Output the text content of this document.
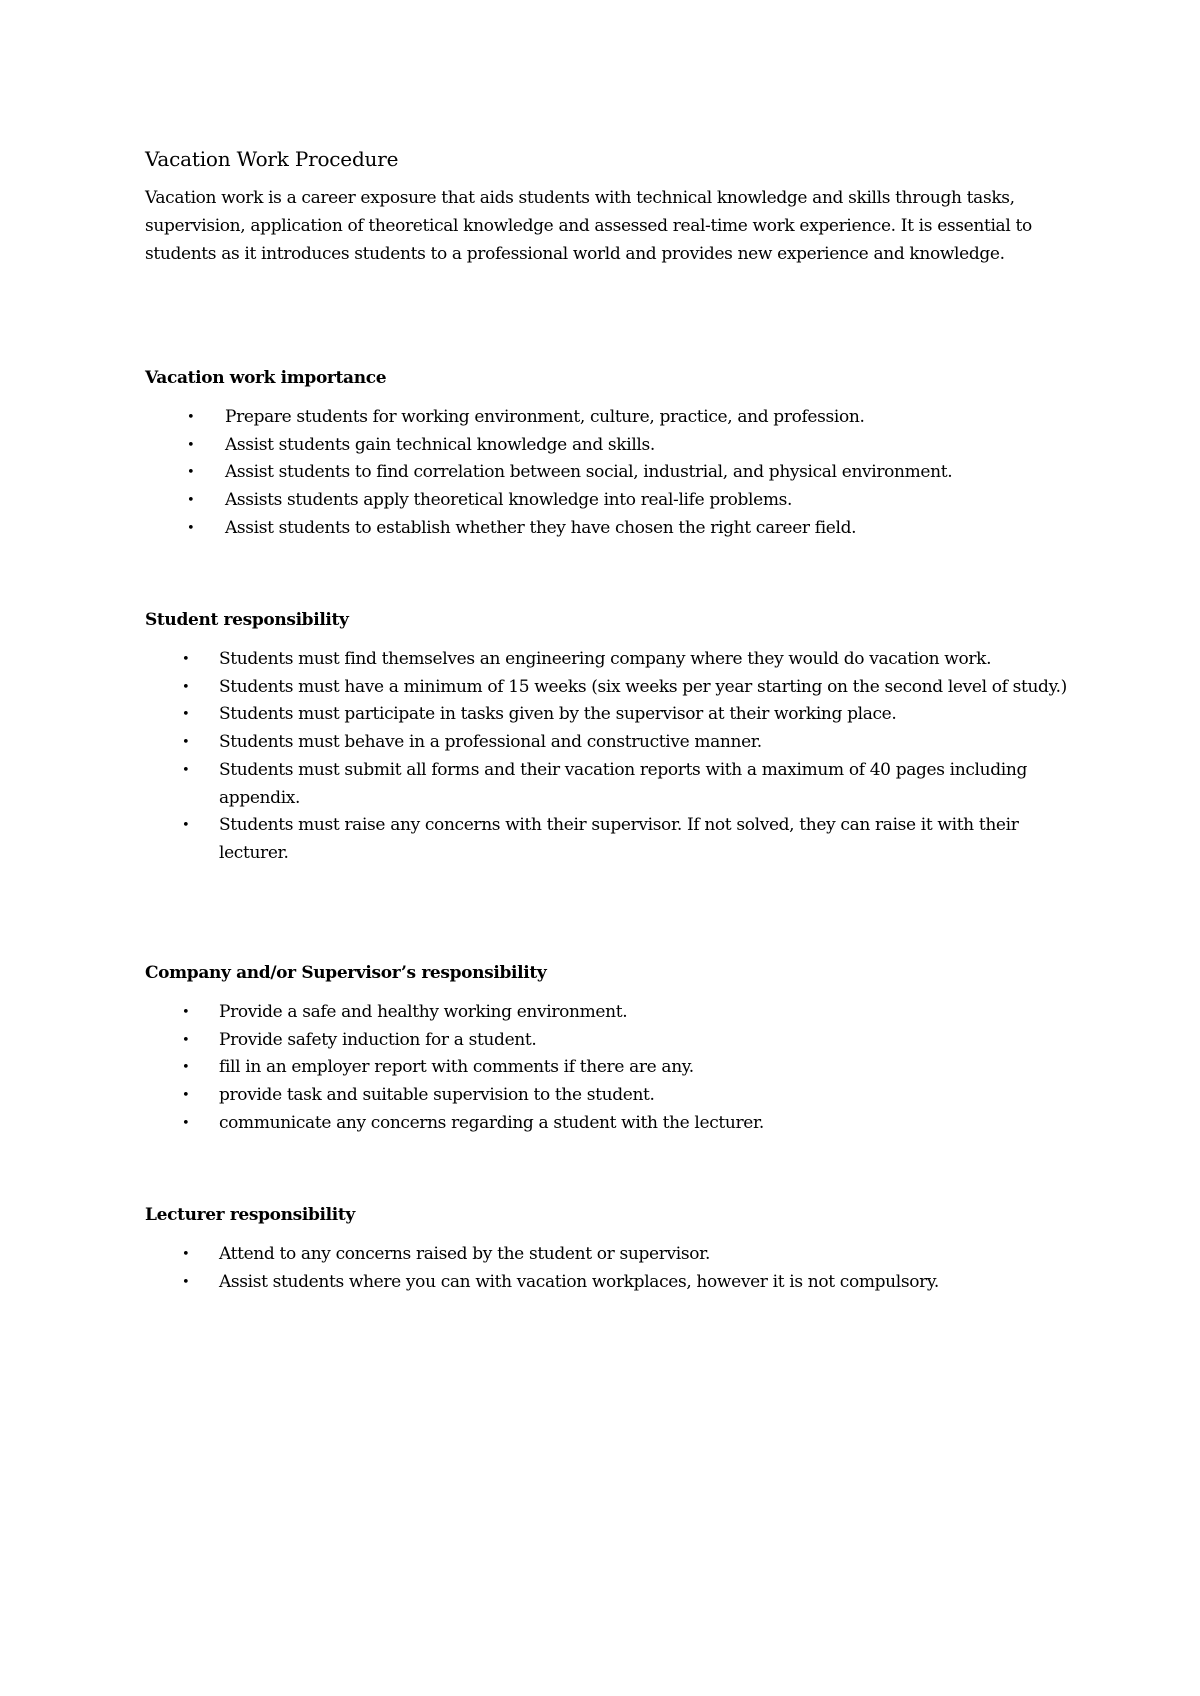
Vacation Work Procedure

Vacation work is a career exposure that aids students with technical knowledge and skills through tasks, supervision, application of theoretical knowledge and assessed real-time work experience. It is essential to students as it introduces students to a professional world and provides new experience and knowledge.

Vacation work importance
• Prepare students for working environment, culture, practice, and profession.
• Assist students gain technical knowledge and skills.
• Assist students to find correlation between social, industrial, and physical environment.
• Assists students apply theoretical knowledge into real-life problems.
• Assist students to establish whether they have chosen the right career field.
Student responsibility
• Students must find themselves an engineering company where they would do vacation work.
• Students must have a minimum of 15 weeks (six weeks per year starting on the second level of study.)
• Students must participate in tasks given by the supervisor at their working place.
• Students must behave in a professional and constructive manner.
• Students must submit all forms and their vacation reports with a maximum of 40 pages including appendix.
• Students must raise any concerns with their supervisor. If not solved, they can raise it with their lecturer.
Company and/or Supervisor’s responsibility
• Provide a safe and healthy working environment.
• Provide safety induction for a student.
• fill in an employer report with comments if there are any.
• provide task and suitable supervision to the student.
• communicate any concerns regarding a student with the lecturer.
Lecturer responsibility
• Attend to any concerns raised by the student or supervisor.
• Assist students where you can with vacation workplaces, however it is not compulsory.
